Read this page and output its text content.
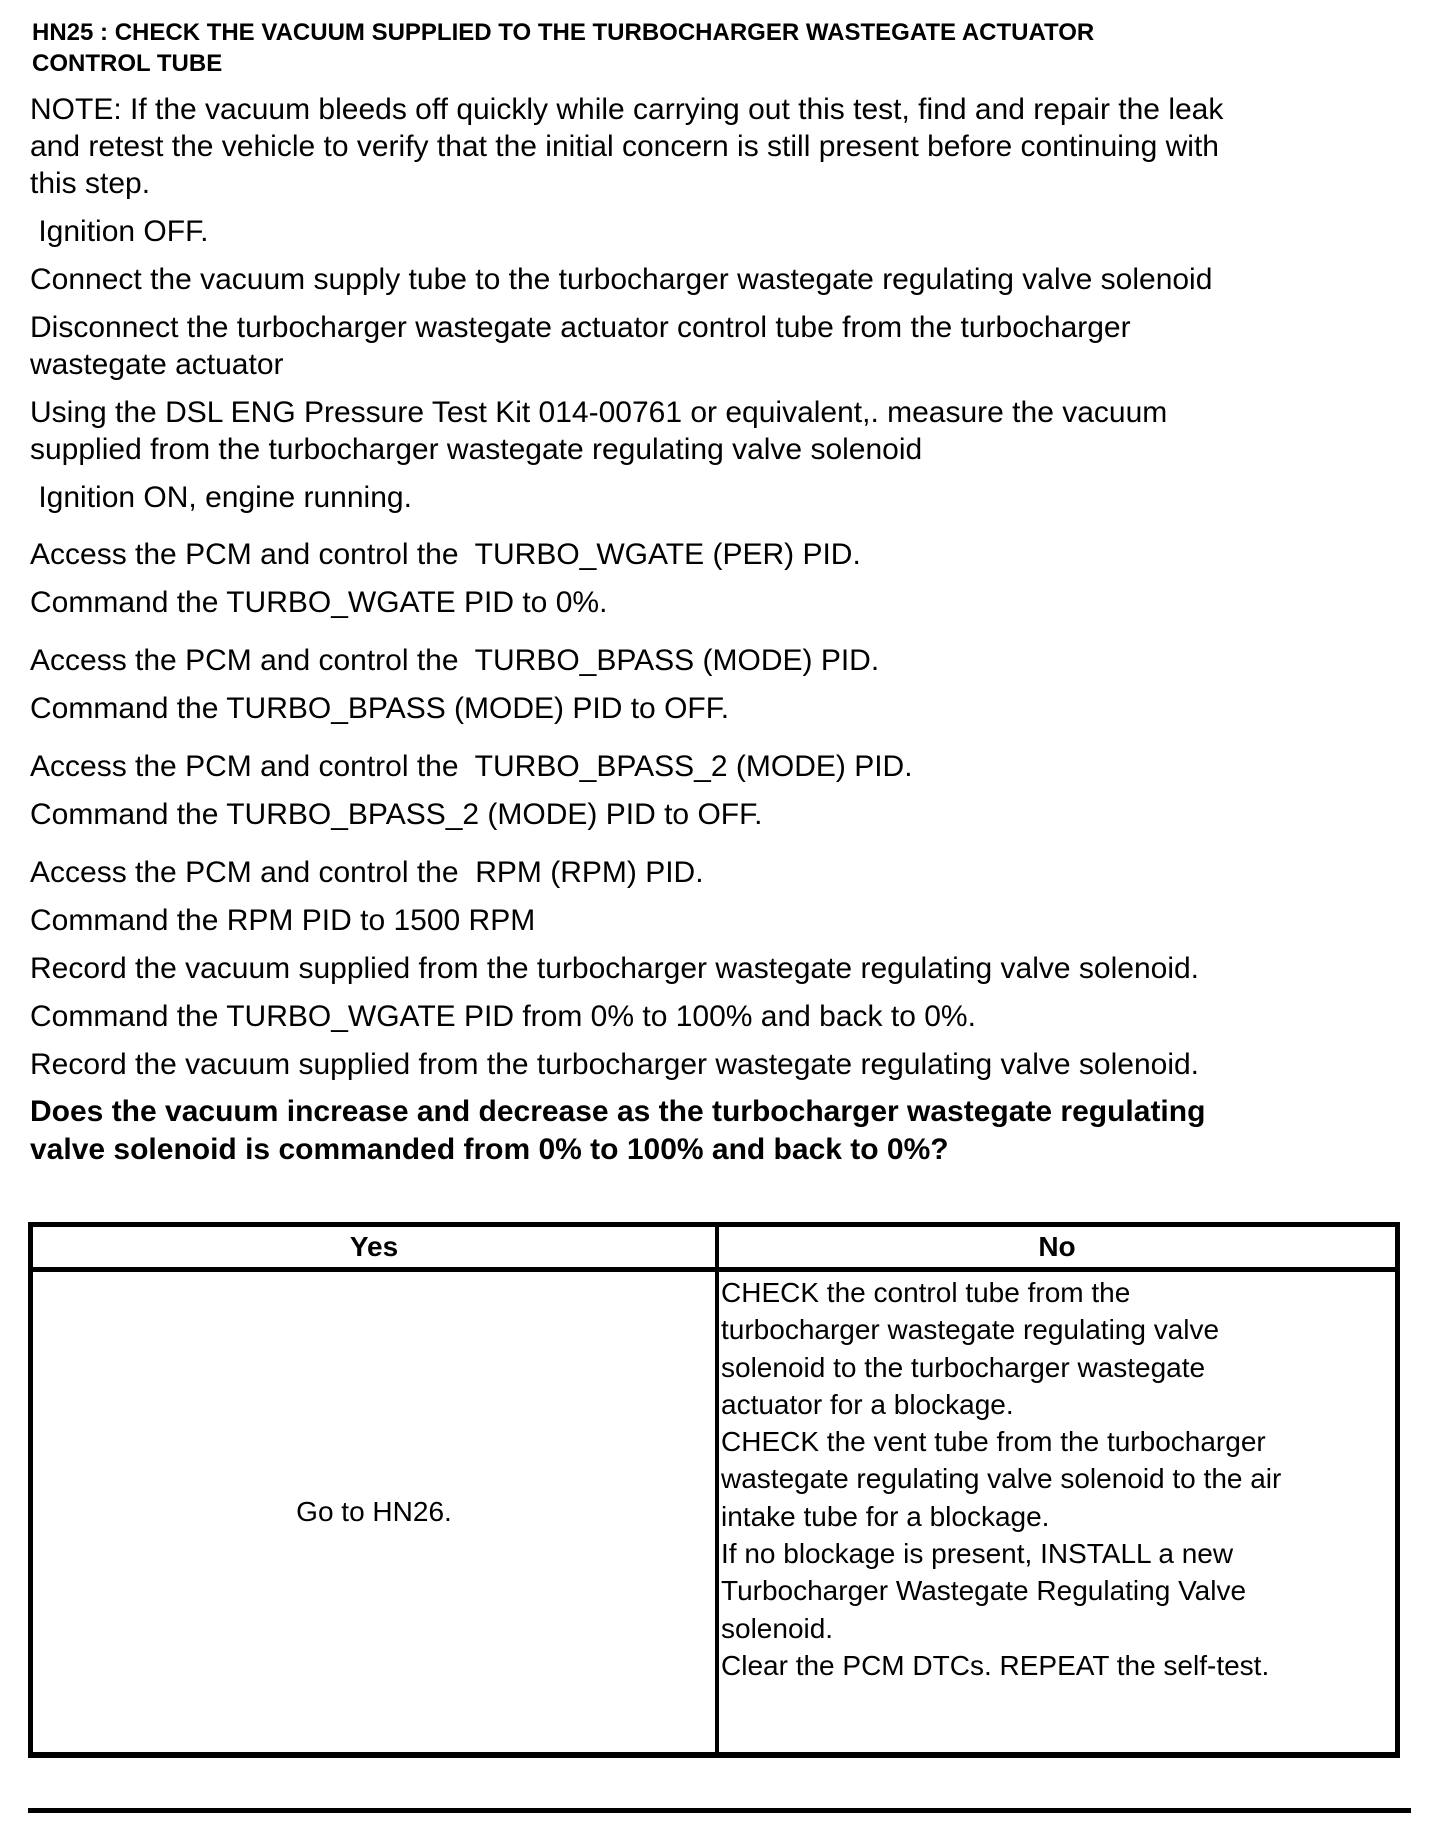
HN25 : CHECK THE VACUUM SUPPLIED TO THE TURBOCHARGER WASTEGATE ACTUATOR
CONTROL TUBE
NOTE: If the vacuum bleeds off quickly while carrying out this test, find and repair the leak
and retest the vehicle to verify that the initial concern is still present before continuing with
this step.
Ignition OFF.
Connect the vacuum supply tube to the turbocharger wastegate regulating valve solenoid
Disconnect the turbocharger wastegate actuator control tube from the turbocharger
wastegate actuator
Using the DSL ENG Pressure Test Kit 014-00761 or equivalent,. measure the vacuum
supplied from the turbocharger wastegate regulating valve solenoid
Ignition ON, engine running.
Access the PCM and control the  TURBO_WGATE (PER) PID.
Command the TURBO_WGATE PID to 0%.
Access the PCM and control the  TURBO_BPASS (MODE) PID.
Command the TURBO_BPASS (MODE) PID to OFF.
Access the PCM and control the  TURBO_BPASS_2 (MODE) PID.
Command the TURBO_BPASS_2 (MODE) PID to OFF.
Access the PCM and control the  RPM (RPM) PID.
Command the RPM PID to 1500 RPM
Record the vacuum supplied from the turbocharger wastegate regulating valve solenoid.
Command the TURBO_WGATE PID from 0% to 100% and back to 0%.
Record the vacuum supplied from the turbocharger wastegate regulating valve solenoid.
Does the vacuum increase and decrease as the turbocharger wastegate regulating
valve solenoid is commanded from 0% to 100% and back to 0%?
Yes	No
Go to HN26.
CHECK the control tube from the
turbocharger wastegate regulating valve
solenoid to the turbocharger wastegate
actuator for a blockage.
CHECK the vent tube from the turbocharger
wastegate regulating valve solenoid to the air
intake tube for a blockage.
If no blockage is present, INSTALL a new
Turbocharger Wastegate Regulating Valve
solenoid.
Clear the PCM DTCs. REPEAT the self-test.
